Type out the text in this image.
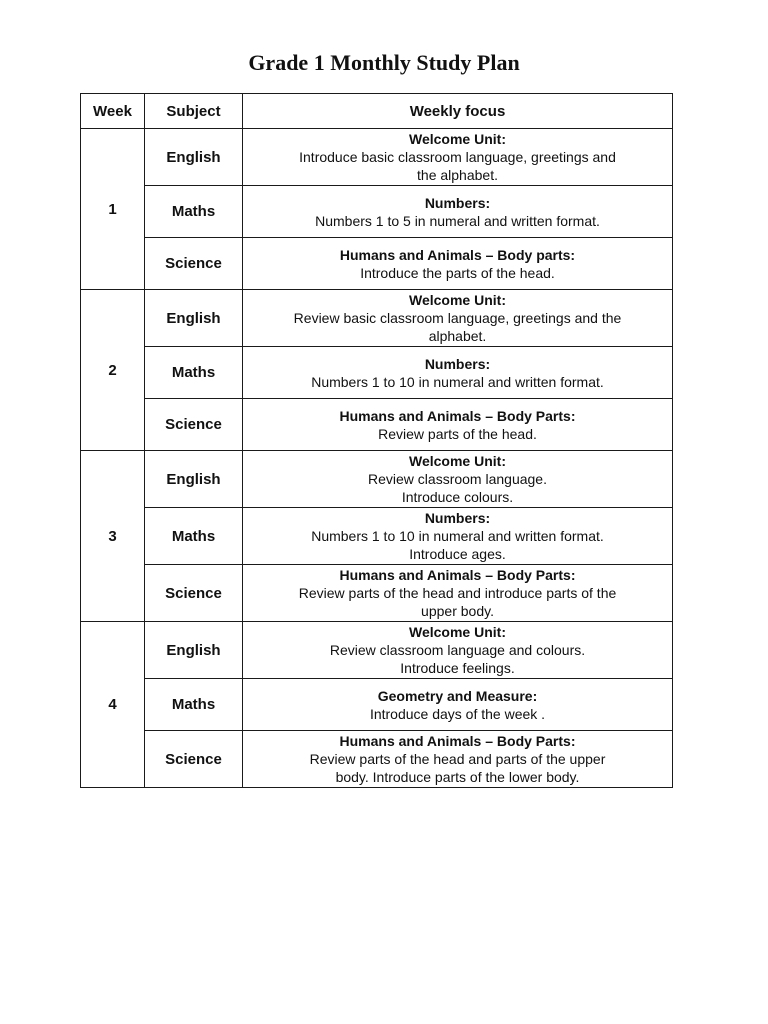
Grade 1 Monthly Study Plan
Week	Subject	Weekly focus
1	English	Welcome Unit:
Introduce basic classroom language, greetings and
the alphabet.

	Maths	Numbers:
Numbers 1 to 5 in numeral and written format.

	Science	Humans and Animals – Body parts:
Introduce the parts of the head.

2	English	Welcome Unit:
Review basic classroom language, greetings and the
alphabet.

	Maths	Numbers:
Numbers 1 to 10 in numeral and written format.

	Science	Humans and Animals – Body Parts:
Review parts of the head.

3	English	Welcome Unit:
Review classroom language.
Introduce colours.

	Maths	Numbers:
Numbers 1 to 10 in numeral and written format.
Introduce ages.

	Science	Humans and Animals – Body Parts:
Review parts of the head and introduce parts of the
upper body.

4	English	Welcome Unit:
Review classroom language and colours.
Introduce feelings.

	Maths	Geometry and Measure:
Introduce days of the week .

	Science	Humans and Animals – Body Parts:
Review parts of the head and parts of the upper
body. Introduce parts of the lower body.
